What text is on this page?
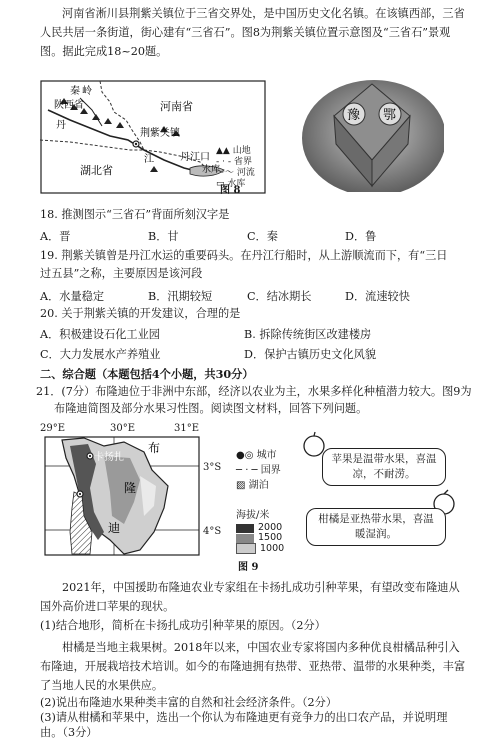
河南省淅川县荆紫关镇位于三省交界处，是中国历史文化名镇。在该镇西部，三省人民共居一条街道，街心建有“三省石”。图8为荆紫关镇位置示意图及“三省石”景观图。据此完成18~20题。
秦 岭
陕西省	河南省
丹
荆紫关镇
江	丹江口
水库
湖北省
▲▲ 山地
- · - 省界
〜〜 河流
▭ 水库
图 8
豫 鄂
18. 推测图示“三省石”背面所刻汉字是
A．晋	B．甘	C．秦	D．鲁
19. 荆紫关镇曾是丹江水运的重要码头。在丹江行船时，从上游顺流而下，有“三日
过五县”之称，主要原因是该河段
A．水量稳定	B．汛期较短	C．结冰期长	D．流速较快
20. 关于荆紫关镇的开发建议，合理的是
A．积极建设石化工业园	B. 拆除传统街区改建楼房
C．大力发展水产养殖业	D．保护古镇历史文化风貌
二、综合题（本题包括4个小题，共30分）
21．(7分）布隆迪位于非洲中东部，经济以农业为主，水果多样化种植潜力较大。图9为
布隆迪简图及部分水果习性图。阅读图文材料，回答下列问题。
29°E	30°E	31°E
卡扬扎
布
隆
迪
3°S
4°S
●◎ 城市
─ · ─ 国界
▨ 湖泊
海拔/米
2000
1500
1000
图 9
苹果是温带水果，喜温凉，不耐涝。
柑橘是亚热带水果，喜温暖湿润。
2021年，中国援助布隆迪农业专家组在卡扬扎成功引种苹果，有望改变布隆迪从国外高价进口苹果的现状。
(1)结合地形，简析在卡扬扎成功引种苹果的原因。（2分）
柑橘是当地主栽果树。2018年以来，中国农业专家将国内多种优良柑橘品种引入布隆迪，开展栽培技术培训。如今的布隆迪拥有热带、亚热带、温带的水果种类，丰富了当地人民的水果供应。
(2)说出布隆迪水果种类丰富的自然和社会经济条件。（2分）
(3)请从柑橘和苹果中，选出一个你认为布隆迪更有竞争力的出口农产品，并说明理由。（3分）
